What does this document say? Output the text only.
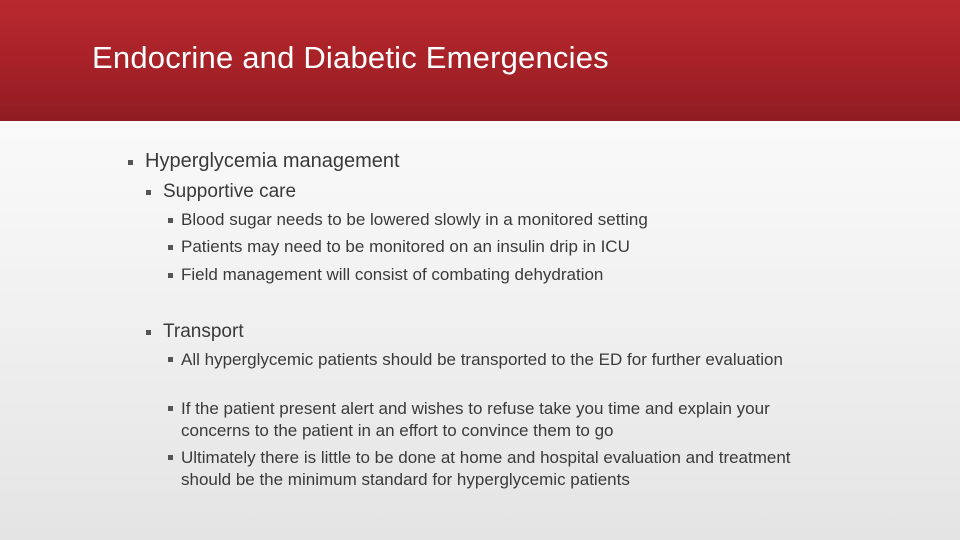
Endocrine and Diabetic Emergencies
Hyperglycemia management
Supportive care
Blood sugar needs to be lowered slowly in a monitored setting
Patients may need to be monitored on an insulin drip in ICU
Field management will consist of combating dehydration
Transport
All hyperglycemic patients should be transported to the ED for further evaluation
If the patient present alert and wishes to refuse take you time and explain your concerns to the patient in an effort to convince them to go
Ultimately there is little to be done at home and hospital evaluation and treatment should be the minimum standard for hyperglycemic patients
